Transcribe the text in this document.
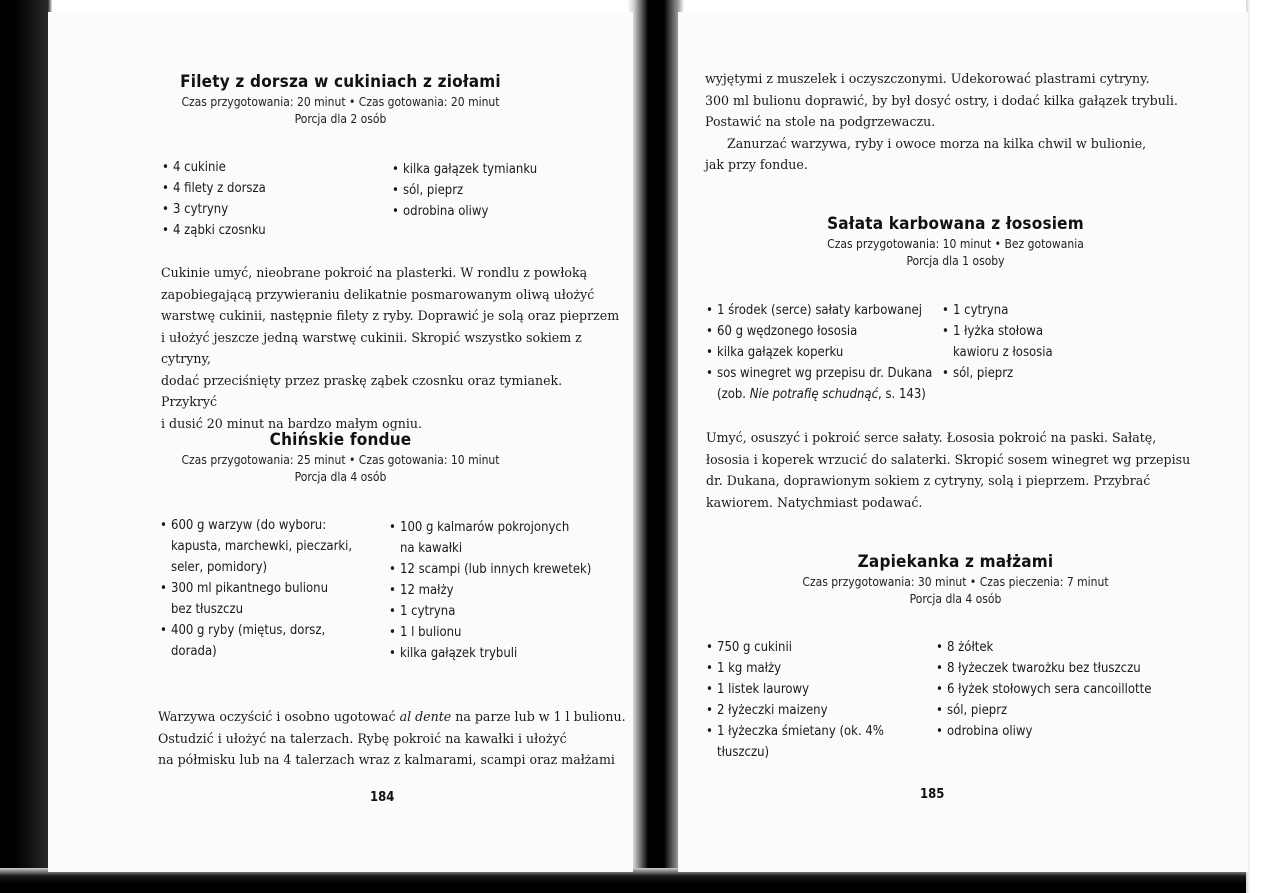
Filety z dorsza w cukiniach z ziołami

Czas przygotowania: 20 minut • Czas gotowania: 20 minut

Porcja dla 2 osób

• 4 cukinie
• 4 filety z dorsza
• 3 cytryny
• 4 ząbki czosnku
• kilka gałązek tymianku
• sól, pieprz
• odrobina oliwy

Cukinie umyć, nieobrane pokroić na plasterki. W rondlu z powłoką
zapobiegającą przywieraniu delikatnie posmarowanym oliwą ułożyć
warstwę cukinii, następnie filety z ryby. Doprawić je solą oraz pieprzem
i ułożyć jeszcze jedną warstwę cukinii. Skropić wszystko sokiem z cytryny,
dodać przeciśnięty przez praskę ząbek czosnku oraz tymianek. Przykryć
i dusić 20 minut na bardzo małym ogniu.

Chińskie fondue

Czas przygotowania: 25 minut • Czas gotowania: 10 minut

Porcja dla 4 osób

• 600 g warzyw (do wyboru:
kapusta, marchewki, pieczarki,
seler, pomidory)
• 300 ml pikantnego bulionu
bez tłuszczu
• 400 g ryby (miętus, dorsz,
dorada)
• 100 g kalmarów pokrojonych
na kawałki
• 12 scampi (lub innych krewetek)
• 12 małży
• 1 cytryna
• 1 l bulionu
• kilka gałązek trybuli

Warzywa oczyścić i osobno ugotować al dente na parze lub w 1 l bulionu.
Ostudzić i ułożyć na talerzach. Rybę pokroić na kawałki i ułożyć
na półmisku lub na 4 talerzach wraz z kalmarami, scampi oraz małżami

184

wyjętymi z muszelek i oczyszczonymi. Udekorować plastrami cytryny.
300 ml bulionu doprawić, by był dosyć ostry, i dodać kilka gałązek trybuli.
Postawić na stole na podgrzewaczu.
Zanurzać warzywa, ryby i owoce morza na kilka chwil w bulionie,
jak przy fondue.

Sałata karbowana z łososiem

Czas przygotowania: 10 minut • Bez gotowania

Porcja dla 1 osoby

• 1 środek (serce) sałaty karbowanej
• 60 g wędzonego łososia
• kilka gałązek koperku
• sos winegret wg przepisu dr. Dukana
(zob. Nie potrafię schudnąć, s. 143)
• 1 cytryna
• 1 łyżka stołowa
kawioru z łososia
• sól, pieprz

Umyć, osuszyć i pokroić serce sałaty. Łososia pokroić na paski. Sałatę,
łososia i koperek wrzucić do salaterki. Skropić sosem winegret wg przepisu
dr. Dukana, doprawionym sokiem z cytryny, solą i pieprzem. Przybrać
kawiorem. Natychmiast podawać.

Zapiekanka z małżami

Czas przygotowania: 30 minut • Czas pieczenia: 7 minut

Porcja dla 4 osób

• 750 g cukinii
• 1 kg małży
• 1 listek laurowy
• 2 łyżeczki maizeny
• 1 łyżeczka śmietany (ok. 4% tłuszczu)
• 8 żółtek
• 8 łyżeczek twarożku bez tłuszczu
• 6 łyżek stołowych sera cancoillotte
• sól, pieprz
• odrobina oliwy
185
